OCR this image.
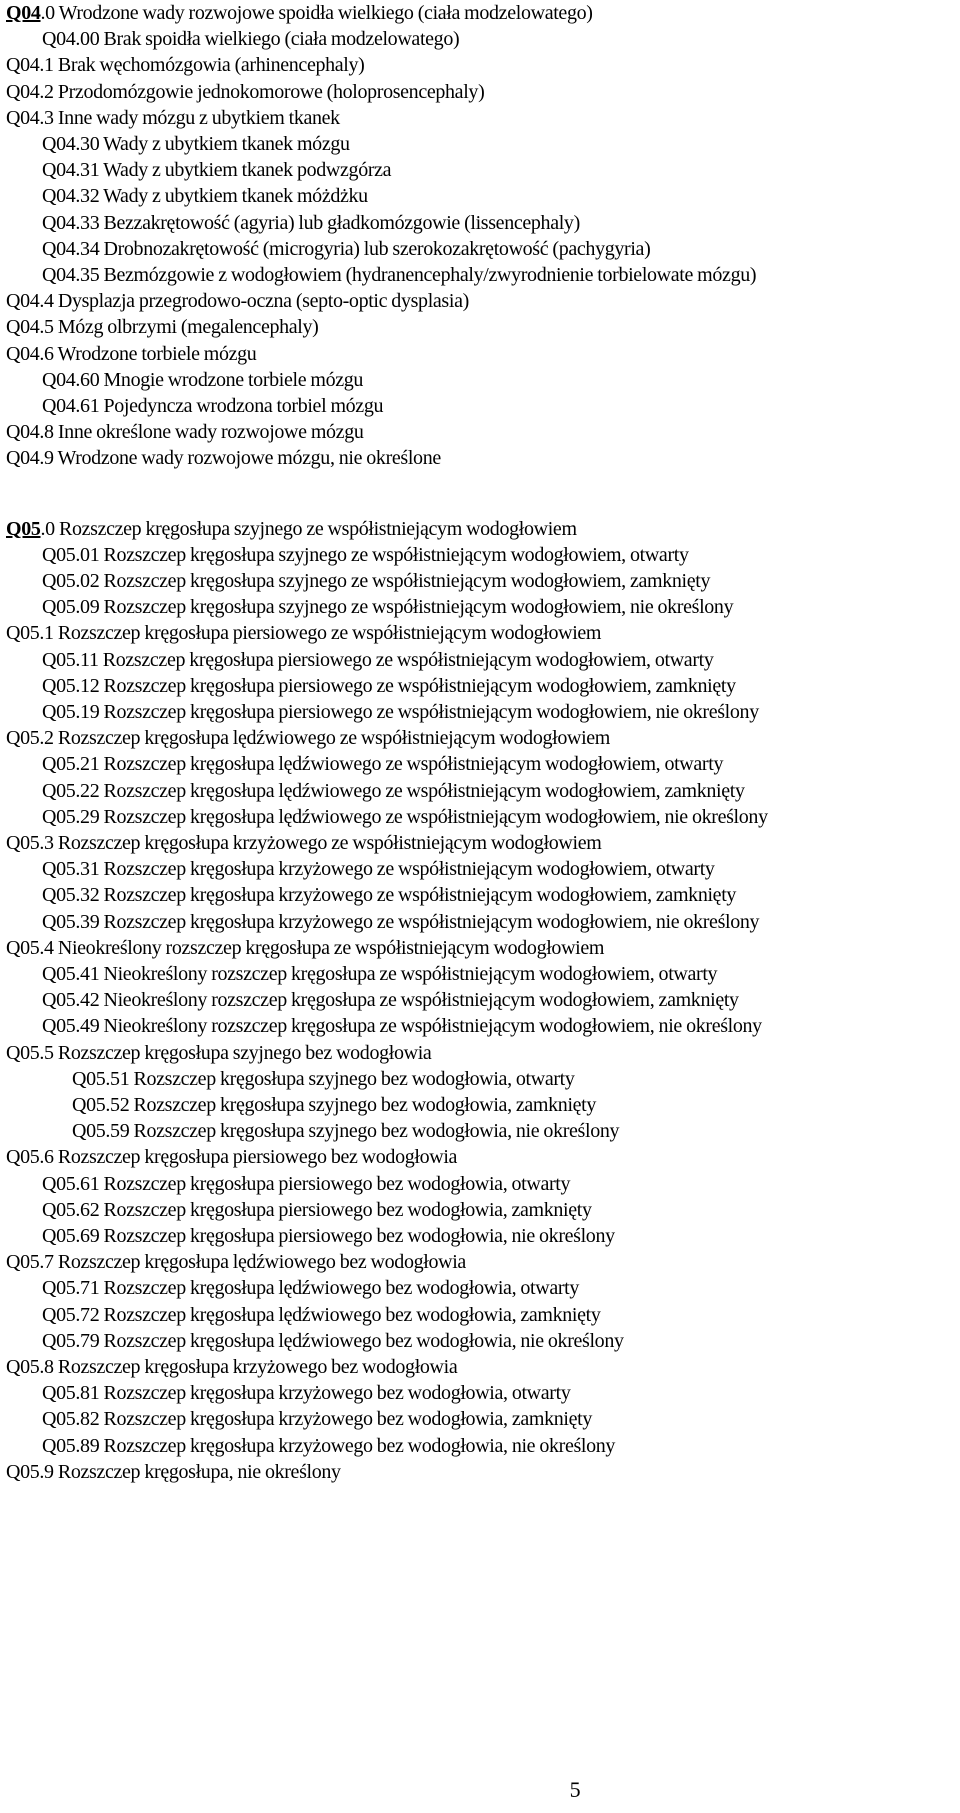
Q04.0 Wrodzone wady rozwojowe spoidła wielkiego (ciała modzelowatego)
Q04.00 Brak spoidła wielkiego (ciała modzelowatego)
Q04.1 Brak węchomózgowia (arhinencephaly)
Q04.2 Przodomózgowie jednokomorowe (holoprosencephaly)
Q04.3 Inne wady mózgu z ubytkiem tkanek
Q04.30 Wady z ubytkiem tkanek mózgu
Q04.31 Wady z ubytkiem tkanek podwzgórza
Q04.32 Wady z ubytkiem tkanek móżdżku
Q04.33 Bezzakrętowość (agyria) lub gładkomózgowie (lissencephaly)
Q04.34 Drobnozakrętowość (microgyria) lub szerokozakrętowość (pachygyria)
Q04.35 Bezmózgowie z wodogłowiem (hydranencephaly/zwyrodnienie torbielowate mózgu)
Q04.4 Dysplazja przegrodowo-oczna (septo-optic dysplasia)
Q04.5 Mózg olbrzymi (megalencephaly)
Q04.6 Wrodzone torbiele mózgu
Q04.60 Mnogie wrodzone torbiele mózgu
Q04.61 Pojedyncza wrodzona torbiel mózgu
Q04.8 Inne określone wady rozwojowe mózgu
Q04.9 Wrodzone wady rozwojowe mózgu, nie określone
Q05.0 Rozszczep kręgosłupa szyjnego ze współistniejącym wodogłowiem
Q05.01 Rozszczep kręgosłupa szyjnego ze współistniejącym wodogłowiem, otwarty
Q05.02 Rozszczep kręgosłupa szyjnego ze współistniejącym wodogłowiem, zamknięty
Q05.09 Rozszczep kręgosłupa szyjnego ze współistniejącym wodogłowiem, nie określony
Q05.1 Rozszczep kręgosłupa piersiowego ze współistniejącym wodogłowiem
Q05.11 Rozszczep kręgosłupa piersiowego ze współistniejącym wodogłowiem, otwarty
Q05.12 Rozszczep kręgosłupa piersiowego ze współistniejącym wodogłowiem, zamknięty
Q05.19 Rozszczep kręgosłupa piersiowego ze współistniejącym wodogłowiem, nie określony
Q05.2 Rozszczep kręgosłupa lędźwiowego ze współistniejącym wodogłowiem
Q05.21 Rozszczep kręgosłupa lędźwiowego ze współistniejącym wodogłowiem, otwarty
Q05.22 Rozszczep kręgosłupa lędźwiowego ze współistniejącym wodogłowiem, zamknięty
Q05.29 Rozszczep kręgosłupa lędźwiowego ze współistniejącym wodogłowiem, nie określony
Q05.3 Rozszczep kręgosłupa krzyżowego ze współistniejącym wodogłowiem
Q05.31 Rozszczep kręgosłupa krzyżowego ze współistniejącym wodogłowiem, otwarty
Q05.32 Rozszczep kręgosłupa krzyżowego ze współistniejącym wodogłowiem, zamknięty
Q05.39 Rozszczep kręgosłupa krzyżowego ze współistniejącym wodogłowiem, nie określony
Q05.4 Nieokreślony rozszczep kręgosłupa ze współistniejącym wodogłowiem
Q05.41 Nieokreślony rozszczep kręgosłupa ze współistniejącym wodogłowiem, otwarty
Q05.42 Nieokreślony rozszczep kręgosłupa ze współistniejącym wodogłowiem, zamknięty
Q05.49 Nieokreślony rozszczep kręgosłupa ze współistniejącym wodogłowiem, nie określony
Q05.5 Rozszczep kręgosłupa szyjnego bez wodogłowia
Q05.51 Rozszczep kręgosłupa szyjnego bez wodogłowia, otwarty
Q05.52 Rozszczep kręgosłupa szyjnego bez wodogłowia, zamknięty
Q05.59 Rozszczep kręgosłupa szyjnego bez wodogłowia, nie określony
Q05.6 Rozszczep kręgosłupa piersiowego bez wodogłowia
Q05.61 Rozszczep kręgosłupa piersiowego bez wodogłowia, otwarty
Q05.62 Rozszczep kręgosłupa piersiowego bez wodogłowia, zamknięty
Q05.69 Rozszczep kręgosłupa piersiowego bez wodogłowia, nie określony
Q05.7 Rozszczep kręgosłupa lędźwiowego bez wodogłowia
Q05.71 Rozszczep kręgosłupa lędźwiowego bez wodogłowia, otwarty
Q05.72 Rozszczep kręgosłupa lędźwiowego bez wodogłowia, zamknięty
Q05.79 Rozszczep kręgosłupa lędźwiowego bez wodogłowia, nie określony
Q05.8 Rozszczep kręgosłupa krzyżowego bez wodogłowia
Q05.81 Rozszczep kręgosłupa krzyżowego bez wodogłowia, otwarty
Q05.82 Rozszczep kręgosłupa krzyżowego bez wodogłowia, zamknięty
Q05.89 Rozszczep kręgosłupa krzyżowego bez wodogłowia, nie określony
Q05.9 Rozszczep kręgosłupa, nie określony
5
